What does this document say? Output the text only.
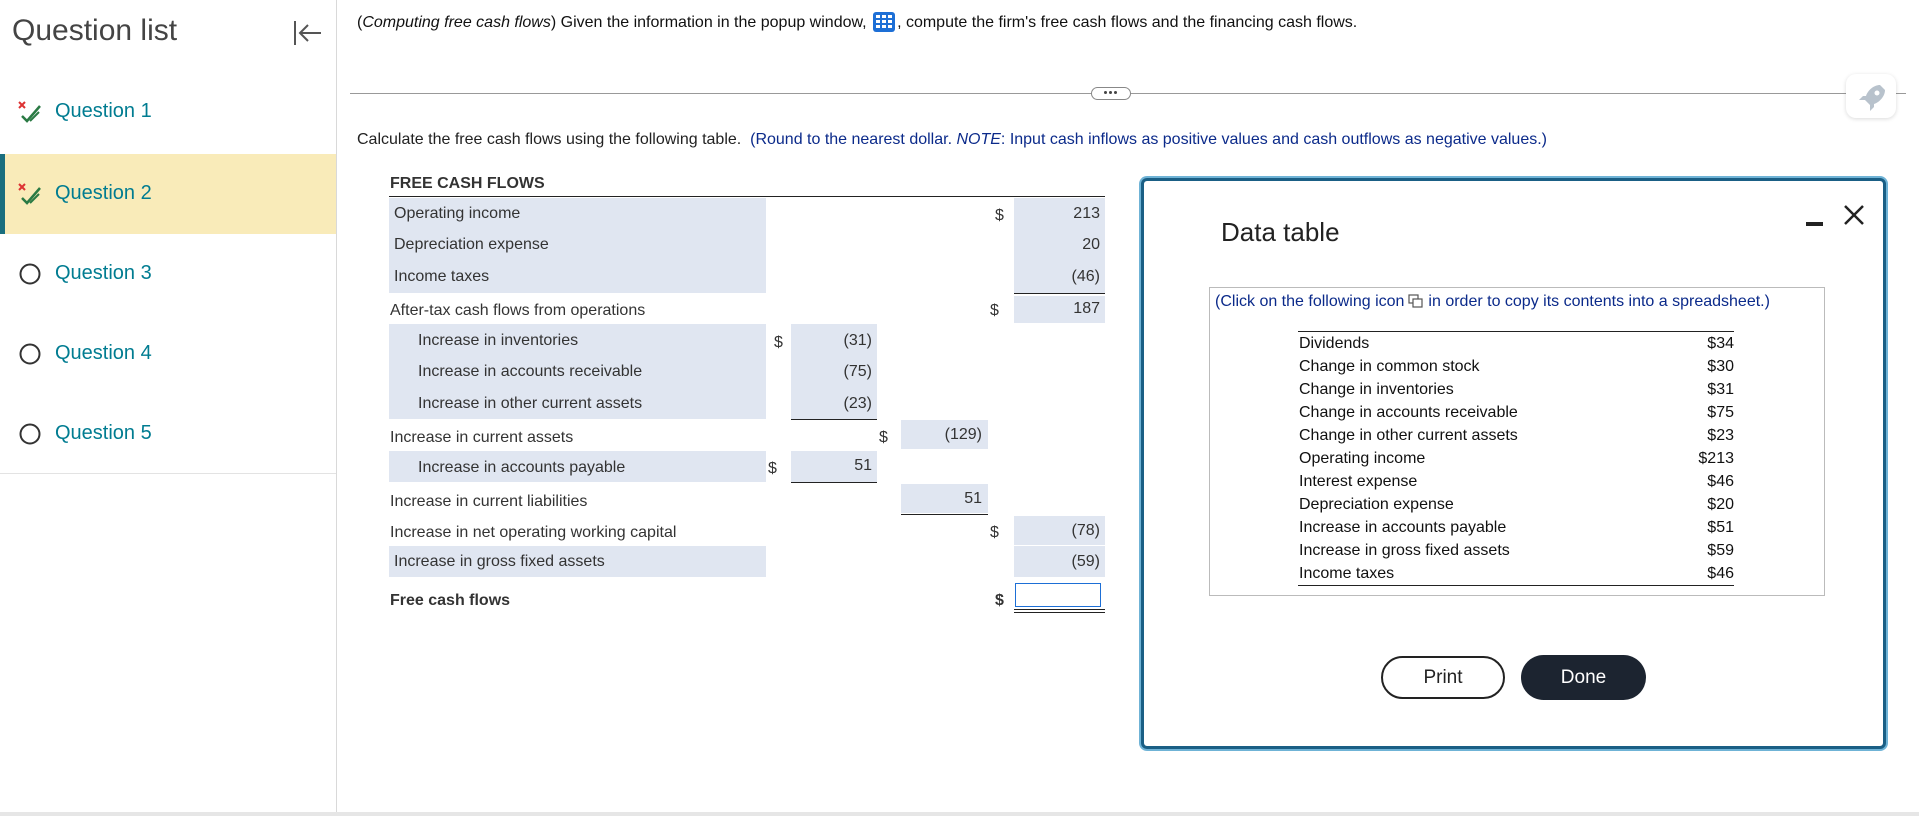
Question list
Question 1
Question 2
Question 3
Question 4
Question 5
(Computing free cash flows) Given the information in the popup window, , compute the firm's free cash flows and the financing cash flows.
Calculate the free cash flows using the following table. (Round to the nearest dollar. NOTE: Input cash inflows as positive values and cash outflows as negative values.)
FREE CASH FLOWS
Operating income	$	213
Depreciation expense	20
Income taxes	(46)
After-tax cash flows from operations	$	187
Increase in inventories	$	(31)
Increase in accounts receivable	(75)
Increase in other current assets	(23)
Increase in current assets	$	(129)
Increase in accounts payable	$	51
Increase in current liabilities	51
Increase in net operating working capital	$	(78)
Increase in gross fixed assets	(59)
Free cash flows	$
Data table
(Click on the following icon in order to copy its contents into a spreadsheet.)
Dividends	$34
Change in common stock	$30
Change in inventories	$31
Change in accounts receivable	$75
Change in other current assets	$23
Operating income	$213
Interest expense	$46
Depreciation expense	$20
Increase in accounts payable	$51
Increase in gross fixed assets	$59
Income taxes	$46
Print	Done
